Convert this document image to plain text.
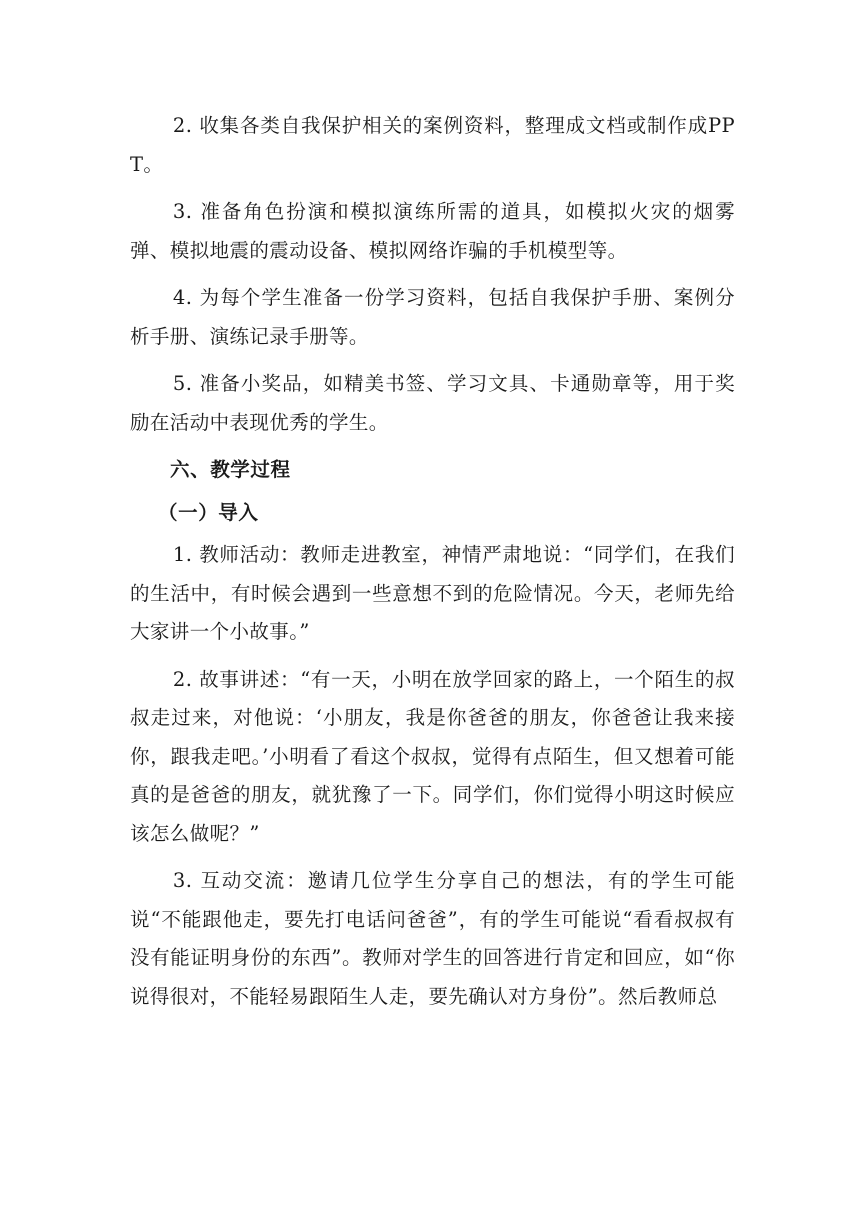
2. 收集各类自我保护相关的案例资料，整理成文档或制作成PPT。

3. 准备角色扮演和模拟演练所需的道具，如模拟火灾的烟雾弹、模拟地震的震动设备、模拟网络诈骗的手机模型等。

4. 为每个学生准备一份学习资料，包括自我保护手册、案例分析手册、演练记录手册等。

5. 准备小奖品，如精美书签、学习文具、卡通勋章等，用于奖励在活动中表现优秀的学生。

六、教学过程
（一）导入

1. 教师活动：教师走进教室，神情严肃地说：“同学们，在我们的生活中，有时候会遇到一些意想不到的危险情况。今天，老师先给大家讲一个小故事。”

2. 故事讲述：“有一天，小明在放学回家的路上，一个陌生的叔叔走过来，对他说：‘小朋友，我是你爸爸的朋友，你爸爸让我来接你，跟我走吧。’小明看了看这个叔叔，觉得有点陌生，但又想着可能真的是爸爸的朋友，就犹豫了一下。同学们，你们觉得小明这时候应该怎么做呢？”

3. 互动交流：邀请几位学生分享自己的想法，有的学生可能说“不能跟他走，要先打电话问爸爸”，有的学生可能说“看看叔叔有没有能证明身份的东西”。教师对学生的回答进行肯定和回应，如“你说得很对，不能轻易跟陌生人走，要先确认对方身份”。然后教师总
